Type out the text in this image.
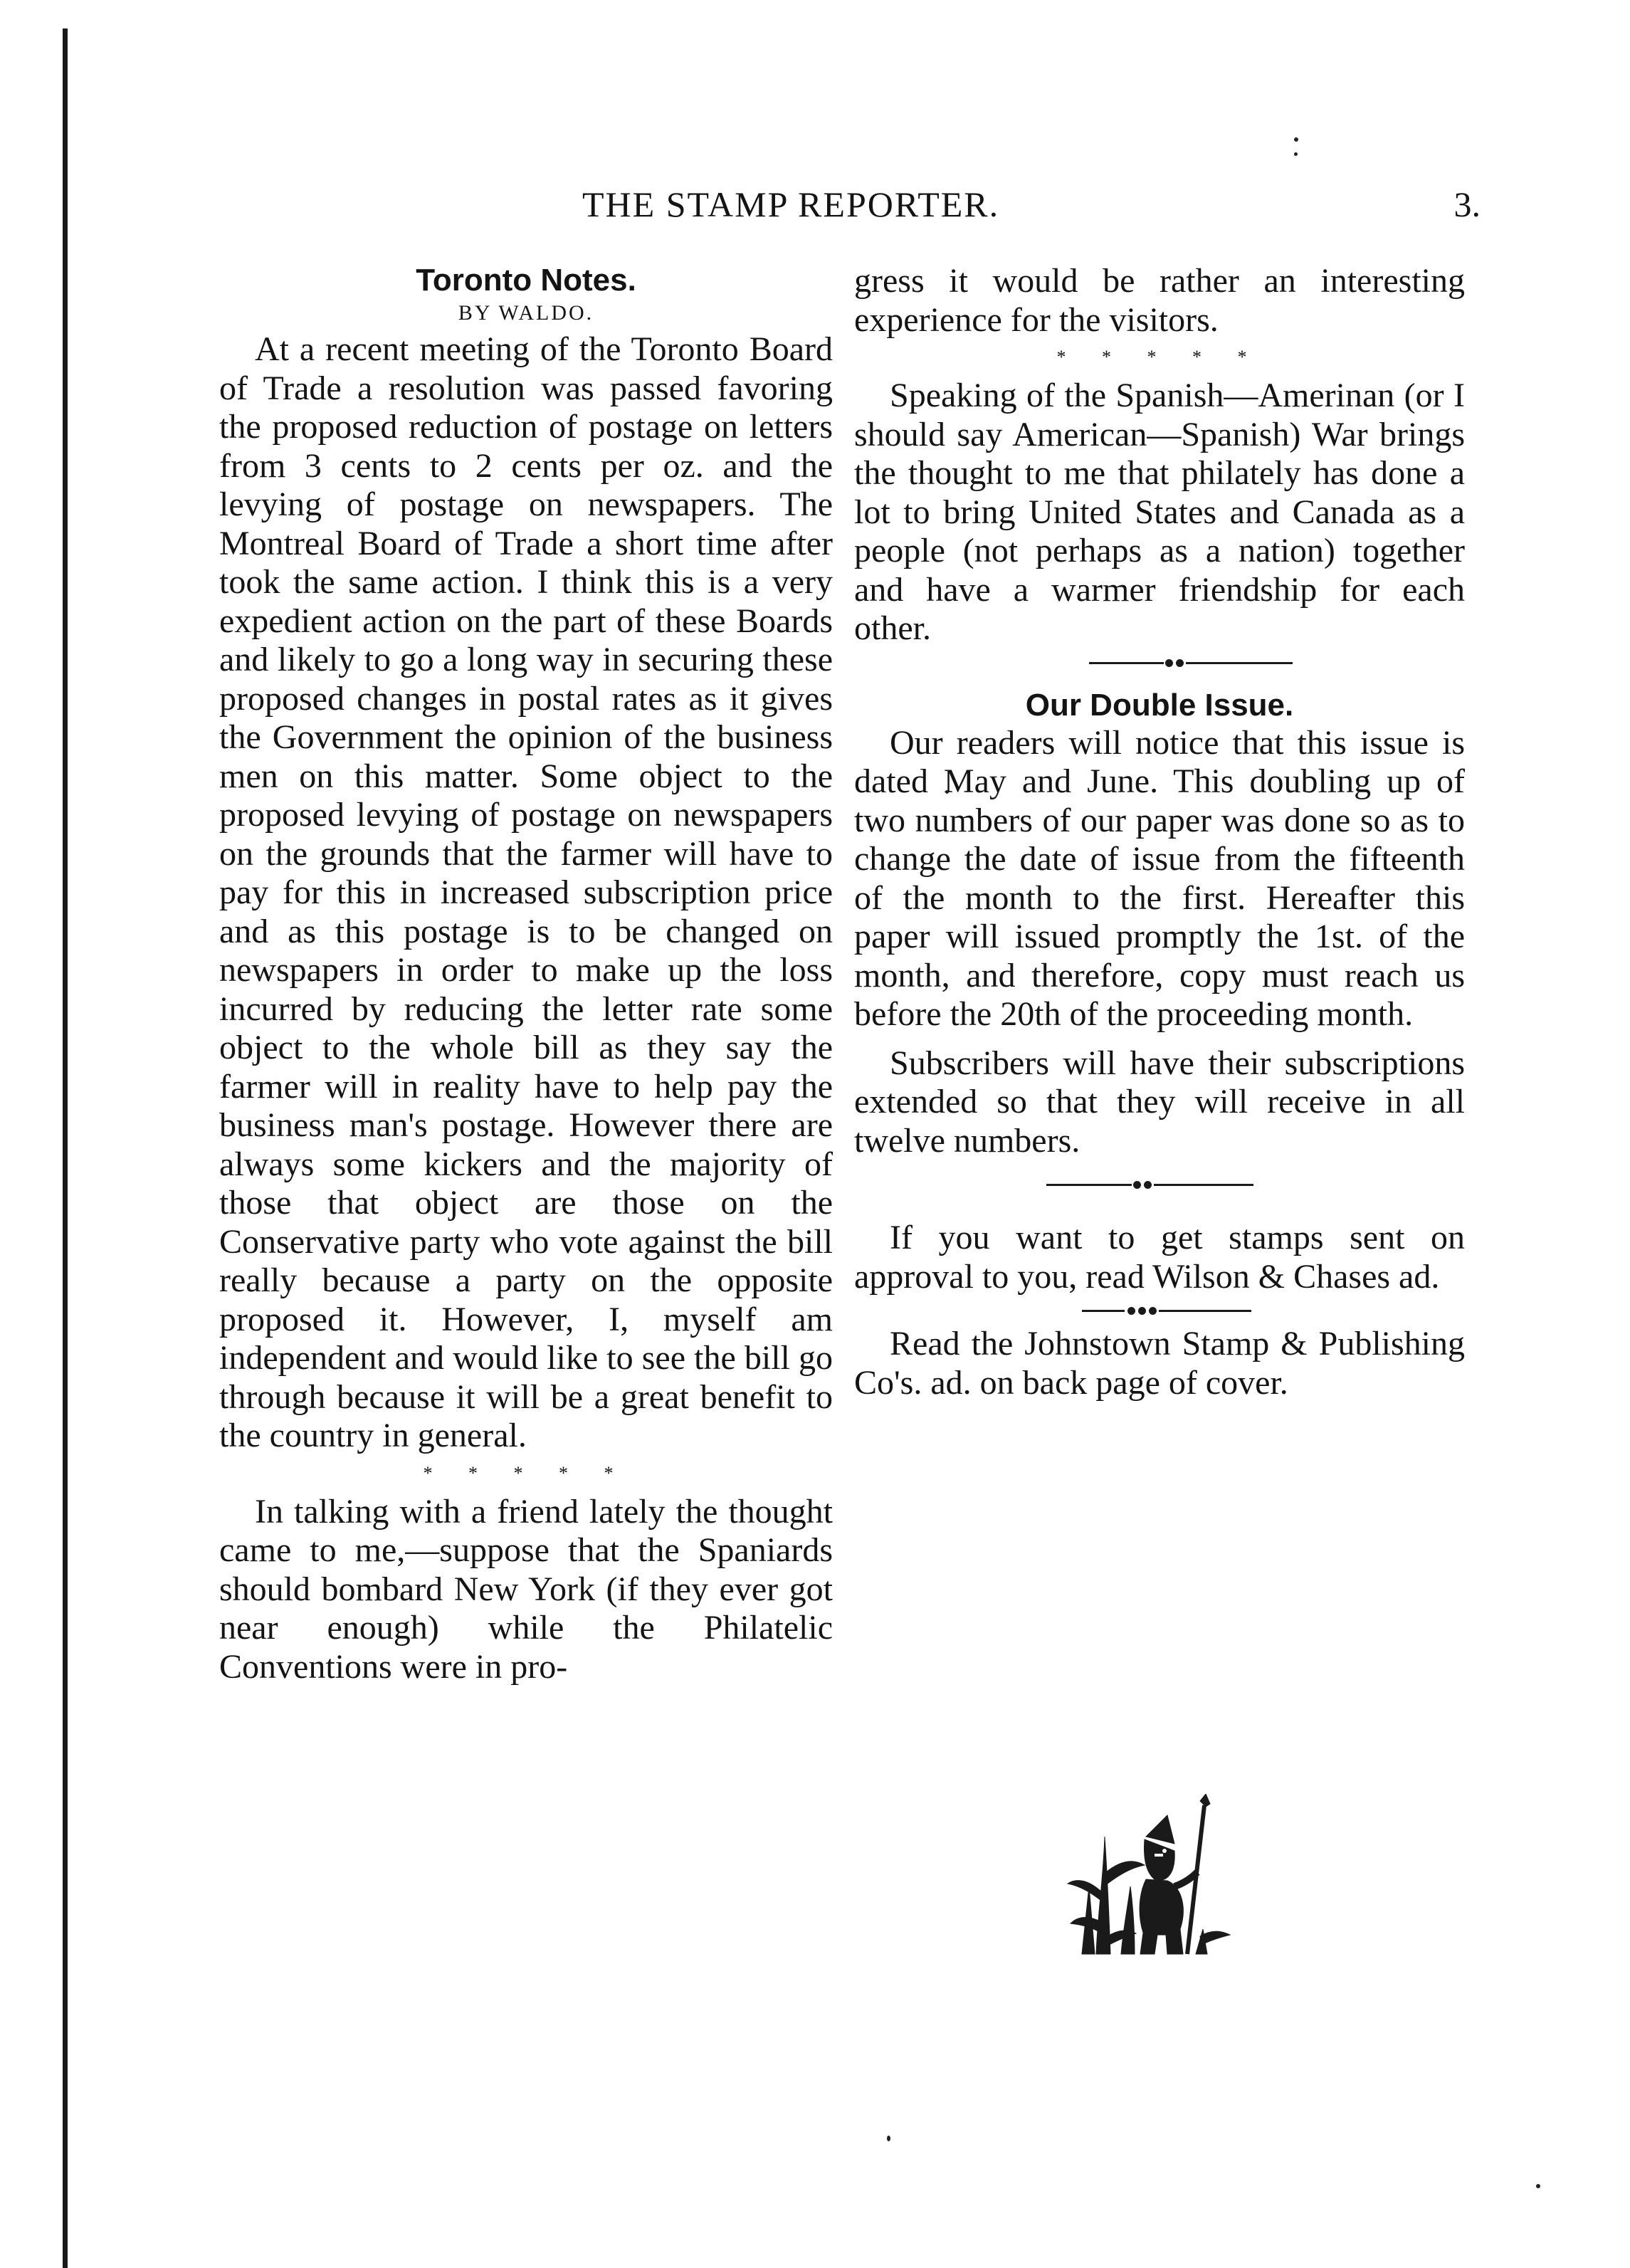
THE STAMP REPORTER.	3.
Toronto Notes.

BY WALDO.

At a recent meeting of the Toronto Board of Trade a resolution was passed favoring the proposed reduction of postage on letters from 3 cents to 2 cents per oz. and the levying of postage on newspapers. The Montreal Board of Trade a short time after took the same action. I think this is a very expedient action on the part of these Boards and likely to go a long way in securing these proposed changes in postal rates as it gives the Government the opinion of the business men on this matter. Some object to the proposed levying of postage on newspapers on the grounds that the farmer will have to pay for this in increased subscription price and as this postage is to be changed on newspapers in order to make up the loss incurred by reducing the letter rate some object to the whole bill as they say the farmer will in reality have to help pay the business man's postage. However there are always some kickers and the majority of those that object are those on the Conservative party who vote against the bill really because a party on the opposite proposed it. However, I, myself am independent and would like to see the bill go through because it will be a great benefit to the country in general.

* * * * *

In talking with a friend lately the thought came to me,—suppose that the Spaniards should bombard New York (if they ever got near enough) while the Philatelic Conventions were in pro-

gress it would be rather an interesting experience for the visitors.

* * * * *

Speaking of the Spanish—Amerinan (or I should say American—Spanish) War brings the thought to me that philately has done a lot to bring United States and Canada as a people (not perhaps as a nation) together and have a warmer friendship for each other.

Our Double Issue.

Our readers will notice that this issue is dated May and June. This doubling up of two numbers of our paper was done so as to change the date of issue from the fifteenth of the month to the first. Hereafter this paper will issued promptly the 1st. of the month, and therefore, copy must reach us before the 20th of the proceeding month.

Subscribers will have their subscriptions extended so that they will receive in all twelve numbers.

If you want to get stamps sent on approval to you, read Wilson & Chases ad.

Read the Johnstown Stamp & Publishing Co's. ad. on back page of cover.
